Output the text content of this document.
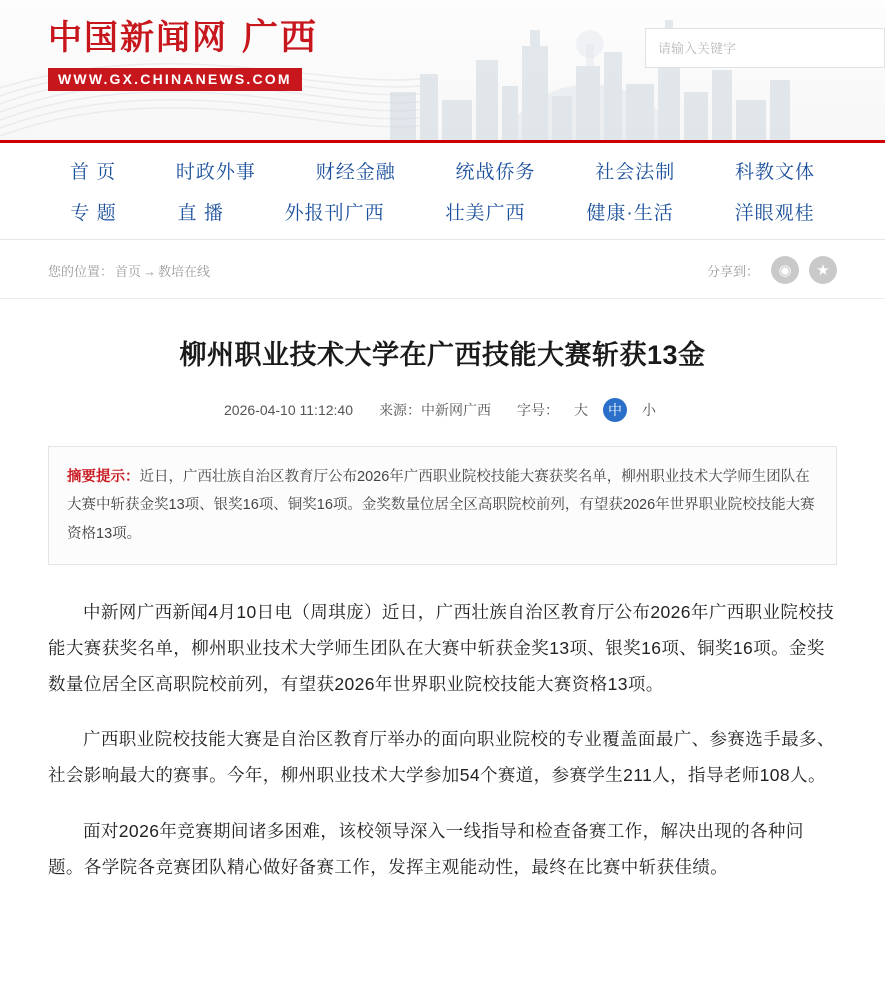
中国新闻网 广西
WWW.GX.CHINANEWS.COM
请输入关键字
首 页	时政外事	财经金融	统战侨务	社会法制	科教文体
专 题	直 播	外报刊广西	壮美广西	健康·生活	洋眼观桂
您的位置： 首页 → 教培在线	分享到：	◉	★
柳州职业技术大学在广西技能大赛斩获13金
2026-04-10 11:12:40 来源：中新网广西 字号：	大	中	小
摘要提示：近日，广西壮族自治区教育厅公布2026年广西职业院校技能大赛获奖名单，柳州职业技术大学师生团队在大赛中斩获金奖13项、银奖16项、铜奖16项。金奖数量位居全区高职院校前列，有望获2026年世界职业院校技能大赛资格13项。

中新网广西新闻4月10日电（周琪庞）近日，广西壮族自治区教育厅公布2026年广西职业院校技能大赛获奖名单，柳州职业技术大学师生团队在大赛中斩获金奖13项、银奖16项、铜奖16项。金奖数量位居全区高职院校前列，有望获2026年世界职业院校技能大赛资格13项。

广西职业院校技能大赛是自治区教育厅举办的面向职业院校的专业覆盖面最广、参赛选手最多、社会影响最大的赛事。今年，柳州职业技术大学参加54个赛道，参赛学生211人，指导老师108人。

面对2026年竞赛期间诸多困难，该校领导深入一线指导和检查备赛工作，解决出现的各种问题。各学院各竞赛团队精心做好备赛工作，发挥主观能动性，最终在比赛中斩获佳绩。
